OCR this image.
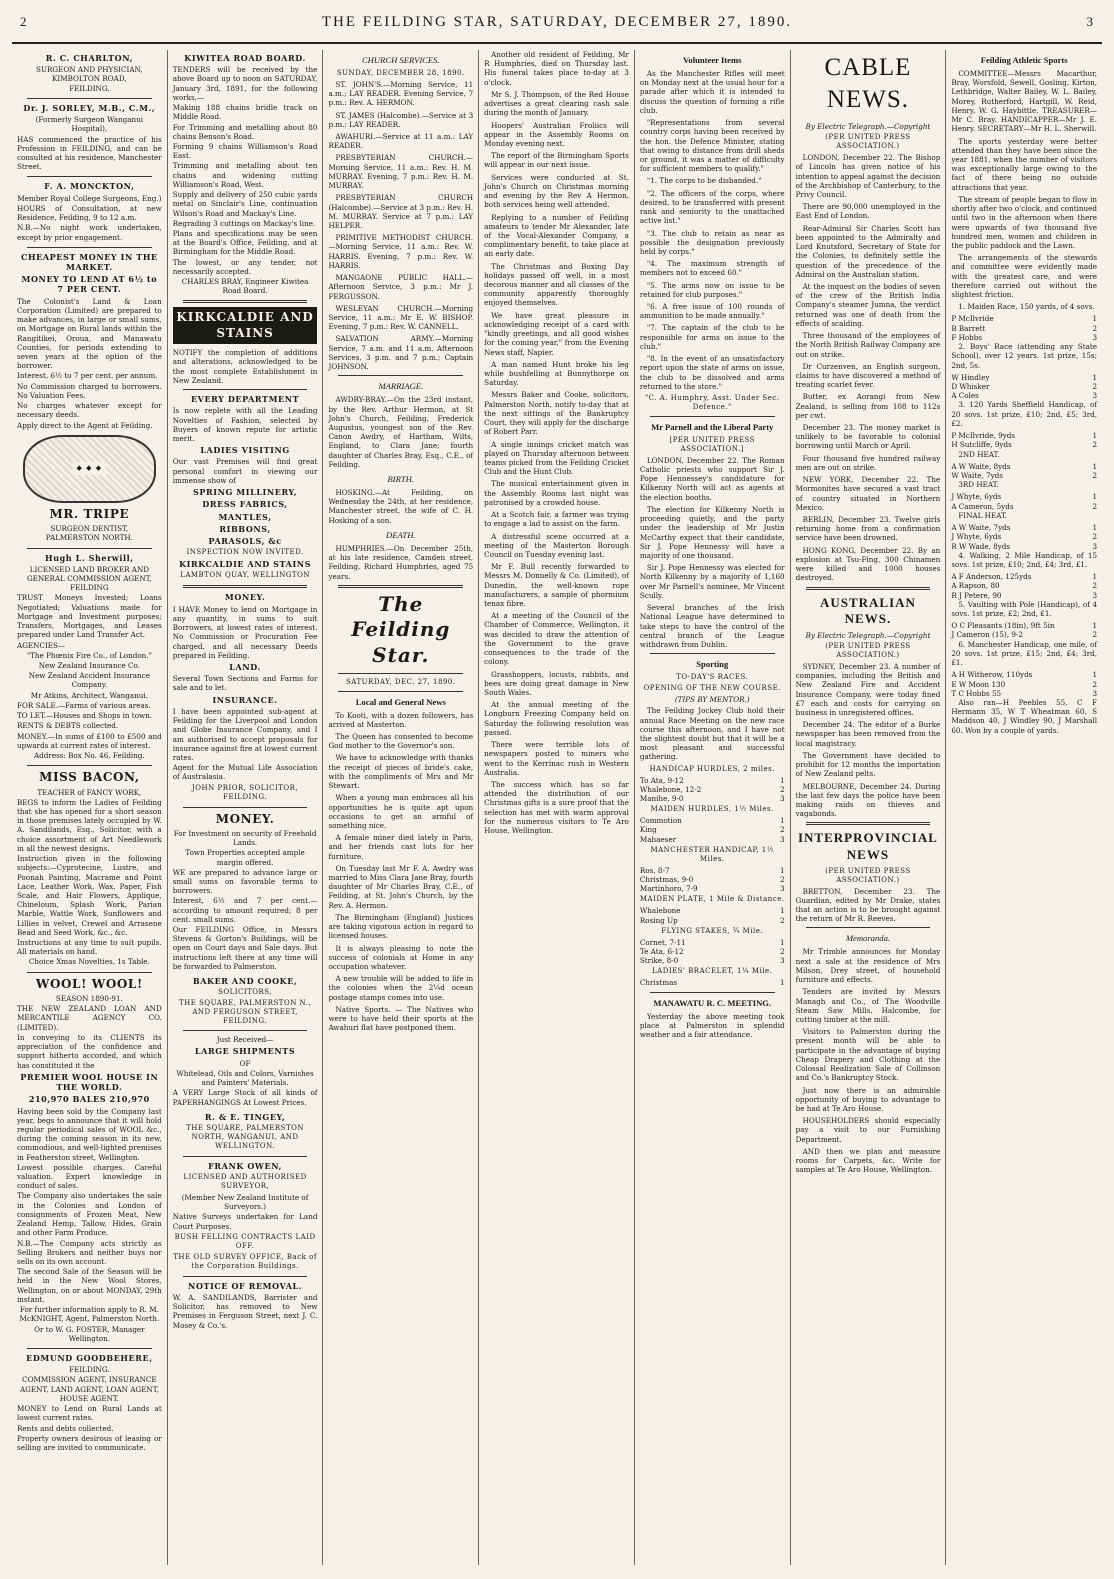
2	THE FEILDING STAR, SATURDAY, DECEMBER 27, 1890.	3
R. C. CHARLTON,
SURGEON AND PHYSICIAN,
KIMBOLTON ROAD,
FEILDING.
Dr. J. SORLEY, M.B., C.M.,
(Formerly Surgeon Wanganui Hospital),

HAS commenced the practice of his Profession in FEILDING, and can be consulted at his residence, Manchester Street.

F. A. MONCKTON,
Member Royal College Surgeons, Eng.)

HOURS of Consultation, at new Residence, Feilding, 9 to 12 a.m.

N.B.—No night work undertaken, except by prior engagement.

CHEAPEST MONEY IN THE MARKET.
MONEY TO LEND AT 6½ to 7 PER CENT.

The Colonist's Land & Loan Corporation (Limited) are prepared to make advances, in large or small sums, on Mortgage on Rural lands within the Rangitikei, Oroua, and Manawatu Counties, for periods extending to seven years at the option of the borrower.

Interest, 6½ to 7 per cent. per annum.

No Commission charged to borrowers. No Valuation Fees.

No charges whatever except for necessary deeds.

Apply direct to the Agent at Feilding.

◆ ◆ ◆
MR. TRIPE
SURGEON DENTIST,
PALMERSTON NORTH.
Hugh L. Sherwill,
LICENSED LAND BROKER AND GENERAL COMMISSION AGENT, FEILDING

TRUST Moneys Invested; Loans Negotiated; Valuations made for Mortgage and Investment purposes; Transfers, Mortgages, and Leases prepared under Land Transfer Act.

AGENCIES—

"The Phœnix Fire Co., of London."

New Zealand Insurance Co.

New Zealand Accident Insurance Company.

Mr Atkins, Architect, Wanganui.

FOR SALE.—Farms of various areas.

TO LET.—Houses and Shops in town.

RENTS & DEBTS collected.

MONEY.—In sums of £100 to £500 and upwards at current rates of interest.

Address: Box No. 46, Feilding.

MISS BACON,
TEACHER of FANCY WORK,

BEGS to inform the Ladies of Feilding that she has opened for a short season in those premises lately occupied by W. A. Sandilands, Esq., Solicitor, with a choice assortment of Art Needlework in all the newest designs.

Instruction given in the following subjects:—Cyprotecine, Lustre, and Poonah Painting, Macrame and Point Lace, Leather Work, Wax, Paper, Fish Scale, and Hair Flowers, Applique, Chineloum, Splash Work, Parian Marble, Wattle Work, Sunflowers and Lillies in velvet, Crewel and Arrasene Bead and Seed Work, &c., &c.

Instructions at any time to suit pupils. All materials on hand.

Choice Xmas Novelties, 1s Table.

WOOL! WOOL!
SEASON 1890-91.

THE NEW ZEALAND LOAN AND MERCANTILE AGENCY CO. (LIMITED).

In conveying to its CLIENTS its appreciation of the confidence and support hitherto accorded, and which has constituted it the

PREMIER WOOL HOUSE IN THE WORLD.
210,970 BALES 210,970

Having been sold by the Company last year, begs to announce that it will hold regular periodical sales of WOOL &c., during the coming season in its new, commodious, and well-lighted premises in Featherston street, Wellington.

Lowest possible charges. Careful valuation. Expert knowledge in conduct of sales.

The Company also undertakes the sale in the Colonies and London of consignments of Frozen Meat, New Zealand Hemp, Tallow, Hides, Grain and other Farm Produce.

N.B.—The Company acts strictly as Selling Brokers and neither buys nor sells on its own account.

The second Sale of the Season will be held in the New Wool Stores, Wellington, on or about MONDAY, 29th instant.

For further information apply to R. M. McKNIGHT, Agent, Palmerston North.

Or to W. G. FOSTER, Manager Wellington.

EDMUND GOODBEHERE,
FEILDING.

COMMISSION AGENT, INSURANCE AGENT, LAND AGENT, LOAN AGENT, HOUSE AGENT.

MONEY to Lend on Rural Lands at lowest current rates.

Rents and debts collected.

Property owners desirous of leasing or selling are invited to communicate.

KIWITEA ROAD BOARD.

TENDERS will be received by the above Board up to noon on SATURDAY, January 3rd, 1891, for the following works,—

Making 188 chains bridle track on Middle Road.

For Trimming and metalling about 80 chains Benson's Road.

Forming 9 chains Williamson's Road East.

Trimming and metalling about ten chains and widening cutting Williamson's Road, West.

Supply and delivery of 250 cubic yards metal on Sinclair's Line, continuation Wilson's Road and Mackay's Line.

Regrading 3 cuttings on Mackay's line.

Plans and specifications may be seen at the Board's Office, Feilding, and at Birmingham for the Middle Road.

The lowest, or any tender, not necessarily accepted.

CHARLES BRAY, Engineer Kiwitea Road Board.

KIRKCALDIE AND STAINS

NOTIFY the completion of additions and alterations, acknowledged to be the most complete Establishment in New Zealand.

EVERY DEPARTMENT

Is now replete with all the Leading Novelties of Fashion, selected by Buyers of known repute for artistic merit.

LADIES VISITING

Our vast Premises will find great personal comfort in viewing our immense show of

SPRING MILLINERY,
DRESS FABRICS,
MANTLES,
RIBBONS,
PARASOLS, &c
INSPECTION NOW INVITED.
KIRKCALDIE AND STAINS
LAMBTON QUAY, WELLINGTON
MONEY.

I HAVE Money to lend on Mortgage in any quantity, in sums to suit Borrowers, at lowest rates of interest. No Commission or Procuration Fee charged, and all necessary Deeds prepared in Feilding.

LAND.

Several Town Sections and Farms for sale and to let.

INSURANCE.

I have been appointed sub-agent at Feilding for the Liverpool and London and Globe Insurance Company, and I am authorised to accept proposals for insurance against fire at lowest current rates.

Agent for the Mutual Life Association of Australasia.

JOHN PRIOR, SOLICITOR, FEILDING.
MONEY.

For Investment on security of Freehold Lands.

Town Properties accepted ample margin offered.

WE are prepared to advance large or small sums on favorable terms to borrowers.

Interest, 6½ and 7 per cent.—according to amount required; 8 per cent. small sums.

Our FEILDING Office, in Messrs Stevens & Gorton's Buildings, will be open on Court days and Sale days. But instructions left there at any time will be forwarded to Palmerston.

BAKER AND COOKE,
SOLICITORS,
THE SQUARE, PALMERSTON N., AND FERGUSON STREET, FEILDING.

Just Received—

LARGE SHIPMENTS

OF

Whitelead, Oils and Colors, Varnishes and Painters' Materials.

A VERY Large Stock of all kinds of PAPERHANGINGS At Lowest Prices.

R. & E. TINGEY,
THE SQUARE, PALMERSTON NORTH, WANGANUI, AND WELLINGTON.
FRANK OWEN,
LICENSED AND AUTHORISED SURVEYOR,

(Member New Zealand Institute of Surveyors.)

Native Surveys undertaken for Land Court Purposes.

BUSH FELLING CONTRACTS LAID OFF.
THE OLD SURVEY OFFICE, Back of the Corporation Buildings.
NOTICE OF REMOVAL.

W. A. SANDILANDS, Barrister and Solicitor, has removed to New Premises in Ferguson Street, next J. C. Mosey & Co.'s.

CHURCH SERVICES.
SUNDAY, DECEMBER 28, 1890.

ST. JOHN'S.—Morning Service, 11 a.m.; LAY READER. Evening Service, 7 p.m.: Rev. A. HERMON.

ST. JAMES (Halcombe).—Service at 3 p.m.: LAY READER.

AWAHURI.—Service at 11 a.m.: LAY READER.

PRESBYTERIAN CHURCH.—Morning Service, 11 a.m.: Rev. H. M. MURRAY. Evening, 7 p.m.: Rev. H. M. MURRAY.

PRESBYTERIAN CHURCH (Halcombe).—Service at 3 p.m.: Rev. H. M. MURRAY. Service at 7 p.m.: LAY HELPER.

PRIMITIVE METHODIST CHURCH.—Morning Service, 11 a.m.: Rev. W. HARRIS. Evening, 7 p.m.: Rev. W. HARRIS.

MANGAONE PUBLIC HALL.—Afternoon Service, 3 p.m.: Mr J. FERGUSSON.

WESLEYAN CHURCH.—Morning Service, 11 a.m.: Mr E. W. BISHOP. Evening, 7 p.m.: Rev. W. CANNELL.

SALVATION ARMY.—Morning Service, 7 a.m. and 11 a.m. Afternoon Services, 3 p.m. and 7 p.m.; Captain JOHNSON.

MARRIAGE.

AWDRY-BRAY.—On the 23rd instant, by the Rev. Arthur Hermon, at St John's Church, Feilding, Frederick Augustus, youngest son of the Rev. Canon Awdry, of Hartham, Wilts, England, to Clara Jane; fourth daughter of Charles Bray, Esq., C.E., of Feilding.

BIRTH.

HOSKING.—At Feilding, on Wednesday the 24th, at her residence, Manchester street, the wife of C. H. Hosking of a son.

DEATH.

HUMPHRIES.—On December 25th, at his late residence, Camden street, Feilding, Richard Humphries, aged 75 years.

The Feilding Star.
SATURDAY, DEC. 27, 1890.
Local and General News

To Kooti, with a dozen followers, has arrived at Masterton.

The Queen has consented to become God mother to the Governor's son.

We have to acknowledge with thanks the receipt of pieces of bride's cake, with the compliments of Mrs and Mr Stewart.

When a young man embraces all his opportunities he is quite apt upon occasions to get an armful of something nice.

A female miner died lately in Paris, and her friends cast lots for her furniture.

On Tuesday last Mr F. A. Awdry was married to Miss Clara Jane Bray, fourth daughter of Mr Charles Bray, C.E., of Feilding, at St. John's Church, by the Rev. A. Hermon.

The Birmingham (England) Justices are taking vigorous action in regard to licensed houses.

It is always pleasing to note the success of colonials at Home in any occupation whatever.

A new trouble will be added to life in the colonies when the 2¼d ocean postage stamps comes into use.

Native Sports. — The Natives who were to have held their sports at the Awahuri flat have postponed them.

Another old resident of Feilding, Mr R Humphries, died on Thursday last. His funeral takes place to-day at 3 o'clock.

Mr S. J. Thompson, of the Red House advertises a great clearing cash sale during the month of January.

Hoopers' Australian Froliics will appear in the Assembly Rooms on Monday evening next.

The report of the Birmingham Sports will appear in our next issue.

Services were conducted at St. John's Church on Christmas morning and evening by the Rev A Hermon, both services being well attended.

Replying to a number of Feilding amateurs to tender Mr Alexander, late of the Vocal-Alexander Company, a complimentary benefit, to take place at an early date.

The Christmas and Boxing Day holidays passed off well, in a most decorous manner and all classes of the community apparently thoroughly enjoyed themselves.

We have great pleasure in acknowledging receipt of a card with "kindly greetings, and all good wishes for the coming year," from the Evening News staff, Napier.

A man named Hunt broke his leg while bushfelling at Bunnythorpe on Saturday.

Messrs Baker and Cooke, solicitors, Palmerston North, notify to-day that at the next sittings of the Bankruptcy Court, they will apply for the discharge of Robert Parr.

A single innings cricket match was played on Thursday afternoon between teams picked from the Feilding Cricket Club and the Hunt Club.

The musical entertainment given in the Assembly Rooms last night was patronised by a crowded house.

At a Scotch fair, a farmer was trying to engage a lad to assist on the farm.

A distressful scene occurred at a meeting of the Masterton Borough Council on Tuesday evening last.

Mr F. Bull recently forwarded to Messrs M. Donnelly & Co. (Limited), of Dunedin, the well-known rope manufacturers, a sample of phormium tenax fibre.

At a meeting of the Council of the Chamber of Commerce, Wellington, it was decided to draw the attention of the Government to the grave consequences to the trade of the colony.

Grasshoppers, locusts, rabbits, and bees are doing great damage in New South Wales.

At the annual meeting of the Longburn Freezing Company held on Saturday the following resolution was passed.

There were terrible lots of newspapers posted to miners who went to the Kerrinac rush in Western Australia.

The success which has so far attended the distribution of our Christmas gifts is a sure proof that the selection has met with warm approval for the numerous visitors to Te Aro House, Wellington.

Volunteer Items

As the Manchester Rifles will meet on Monday next at the usual hour for a parade after which it is intended to discuss the question of forming a rifle club.

"Representations from several country corps having been received by the hon. the Defence Minister, stating that owing to distance from drill sheds or ground, it was a matter of difficulty for sufficient members to qualify."

"1. The corps to be disbanded."

"2. The officers of the corps, where desired, to be transferred with present rank and seniority to the unattached active list."

"3. The club to retain as near as possible the designation previously held by corps."

"4. The maximum strength of members not to exceed 60."

"5. The arms now on issue to be retained for club purposes."

"6. A free issue of 100 rounds of ammunition to be made annually."

"7. The captain of the club to be responsible for arms on issue to the club."

"8. In the event of an unsatisfactory report upon the state of arms on issue, the club to be dissolved and arms returned to the store."

"C. A. Humphry, Asst. Under Sec. Defence."

Mr Parnell and the Liberal Party
[PER UNITED PRESS ASSOCIATION.]

LONDON, December 22. The Roman Catholic priests who support Sir J. Pope Hennessey's candidature for Kilkenny North will act as agents at the election booths.

The election for Kilkenny North is proceeding quietly, and the party under the leadership of Mr Justin McCarthy expect that their candidate, Sir J. Pope Hennessy will have a majority of one thousand.

Sir J. Pope Hennessy was elected for North Kilkenny by a majority of 1,160 over Mr Parnell's nominee, Mr Vincent Scully.

Several branches of the Irish National League have determined to take steps to have the control of the central branch of the League withdrawn from Dublin.

Sporting
TO-DAY'S RACES.
OPENING OF THE NEW COURSE.
(TIPS BY MENTOR.)

The Feilding Jockey Club hold their annual Race Meeting on the new race course this afternoon, and I have not the slightest doubt but that it will be a most pleasant and successful gathering.

HANDICAP HURDLES, 2 miles.
To Ata, 9-12	1
Whalebone, 12-2	2
Manihe, 9-0	3
MAIDEN HURDLES, 1½ Miles.
Commotion	1
King	2
Mahaeser	3
MANCHESTER HANDICAP, 1½ Miles.
Ros, 8-7	1
Christmas, 9-0	2
Martinhoro, 7-9	3
MAIDEN PLATE, 1 Mile & Distance.
Whalebone	1
Rosing Up	2
FLYING STAKES, ¾ Mile.
Cornet, 7-11	1
Te Ata, 6-12	2
Strike, 8-0	3
LADIES' BRACELET, 1¼ Mile.
Christmas	1
MANAWATU R. C. MEETING.

Yesterday the above meeting took place at Palmerston in splendid weather and a fair attendance.

CABLE NEWS.
By Electric Telegraph.—Copyright
(PER UNITED PRESS ASSOCIATION.)

LONDON, December 22. The Bishop of Lincoln has given notice of his intention to appeal against the decision of the Archbishop of Canterbury, to the Privy Council.

There are 90,000 unemployed in the East End of London.

Rear-Admiral Sir Charles Scott has been appointed to the Admiralty and Lord Knutsford, Secretary of State for the Colonies, to definitely settle the question of the precedence of the Admiral on the Australian station.

At the inquest on the bodies of seven of the crew of the British India Company's steamer Jumna, the verdict returned was one of death from the effects of scalding.

Three thousand of the employees of the North British Railway Company are out on strike.

Dr Curzenven, an English surgeon, claims to have discovered a method of treating scarlet fever.

Butter, ex Aorangi from New Zealand, is selling from 108 to 112s per cwt.

December 23. The money market is unlikely to be favorable to colonial borrowing until March or April.

Four thousand five hundred railway men are out on strike.

NEW YORK, December 22. The Mormonites have secured a vast tract of country situated in Northern Mexico.

BERLIN, December 23. Twelve girls returning home from a confirmation service have been drowned.

HONG KONG, December 22. By an explosion at Tsu-Fing, 300 Chinamen were killed and 1000 houses destroyed.

AUSTRALIAN NEWS.
By Electric Telegraph.—Copyright
(PER UNITED PRESS ASSOCIATION.)

SYDNEY, December 23. A number of companies, including the British and New Zealand Fire and Accident Insurance Company, were today fined £7 each and costs for carrying on business in unregistered offices.

December 24. The editor of a Burke newspaper has been removed from the local magistracy.

The Government have decided to prohibit for 12 months the importation of New Zealand pelts.

MELBOURNE, December 24. During the last few days the police have been making raids on thieves and vagabonds.

INTERPROVINCIAL NEWS
(PER UNITED PRESS ASSOCIATION.)

BRETTON, December 23. The Guardian, edited by Mr Drake, states that an action is to be brought against the return of Mr R. Reeves.

Memoranda.

Mr Trimble announces for Monday next a sale at the residence of Mrs Milson, Drey street, of household furniture and effects.

Tenders are invited by Messrs Managh and Co., of The Woodville Steam Saw Mills, Halcombe, for cutting timber at the mill.

Visitors to Palmerston during the present month will be able to participate in the advantage of buying Cheap Drapery and Clothing at the Colossal Realization Sale of Collinson and Co.'s Bankruptcy Stock.

Just now there is an admirable opportunity of buying to advantage to be had at Te Aro House.

HOUSEHOLDERS should especially pay a visit to our Furnishing Department.

AND then we plan and measure rooms for Carpets, &c. Write for samples at Te Aro House, Wellington.

Feilding Athletic Sports

COMMITTEE—Messrs Macarthur, Bray, Worsfold, Sewell, Gosling, Kirton, Lethbridge, Walter Bailey, W. L. Bailey, Morey, Rutherford, Hartgill, W. Reid, Henry, W. G. Haybittle. TREASURER—Mr C. Bray. HANDICAPPER—Mr J. E. Henry. SECRETARY—Mr H. L. Sherwill.

The sports yesterday were better attended than they have been since the year 1881, when the number of visitors was exceptionally large owing to the fact of there being no outside attractions that year.

The stream of people began to flow in shortly after two o'clock, and continued until two in the afternoon when there were upwards of two thousand five hundred men, women and children in the public paddock and the Lawn.

The arrangements of the stewards and committee were evidently made with the greatest care, and were therefore carried out without the slightest friction.

1. Maiden Race, 150 yards, of 4 sovs.

P McIlvride	1
B Barrett	2
F Hobbs	3

2. Boys' Race (attending any State School), over 12 years. 1st prize, 15s; 2nd, 5s.

W Hindley	1
D Whisker	2
A Coles	3

3. 120 Yards Sheffield Handicap, of 20 sovs. 1st prize, £10; 2nd, £5; 3rd, £2.

P McIlvride, 9yds	1
H Sutcliffe, 9yds	2

2ND HEAT.

A W Waite, 8yds	1
W Waite, 7yds	2

3RD HEAT.

J Whyte, 6yds	1
A Cameron, 5yds	2

FINAL HEAT.

A W Waite, 7yds	1
J Whyte, 6yds	2
R W Wade, 8yds	3

4. Walking, 2 Mile Handicap, of 15 sovs. 1st prize, £10; 2nd, £4; 3rd, £1.

A F Anderson, 125yds	1
A Rapson, 80	2
R J Petere, 90	3

5. Vaulting with Pole (Handicap), of 4 sovs. 1st prize, £2; 2nd, £1.

O C Pleasants (18in), 9ft 5in	1
J Cameron (15), 9-2	2

6. Manchester Handicap, one mile, of 20 sovs. 1st prize, £15; 2nd, £4; 3rd, £1.

A H Witherow, 110yds	1
E W Moon 130	2
T C Hobbs 55	3

Also ran—H Peebles 55, C F Hermann 35, W T Wheatman 60, S Maddson 40, J Windley 90, J Marshall 60. Won by a couple of yards.
